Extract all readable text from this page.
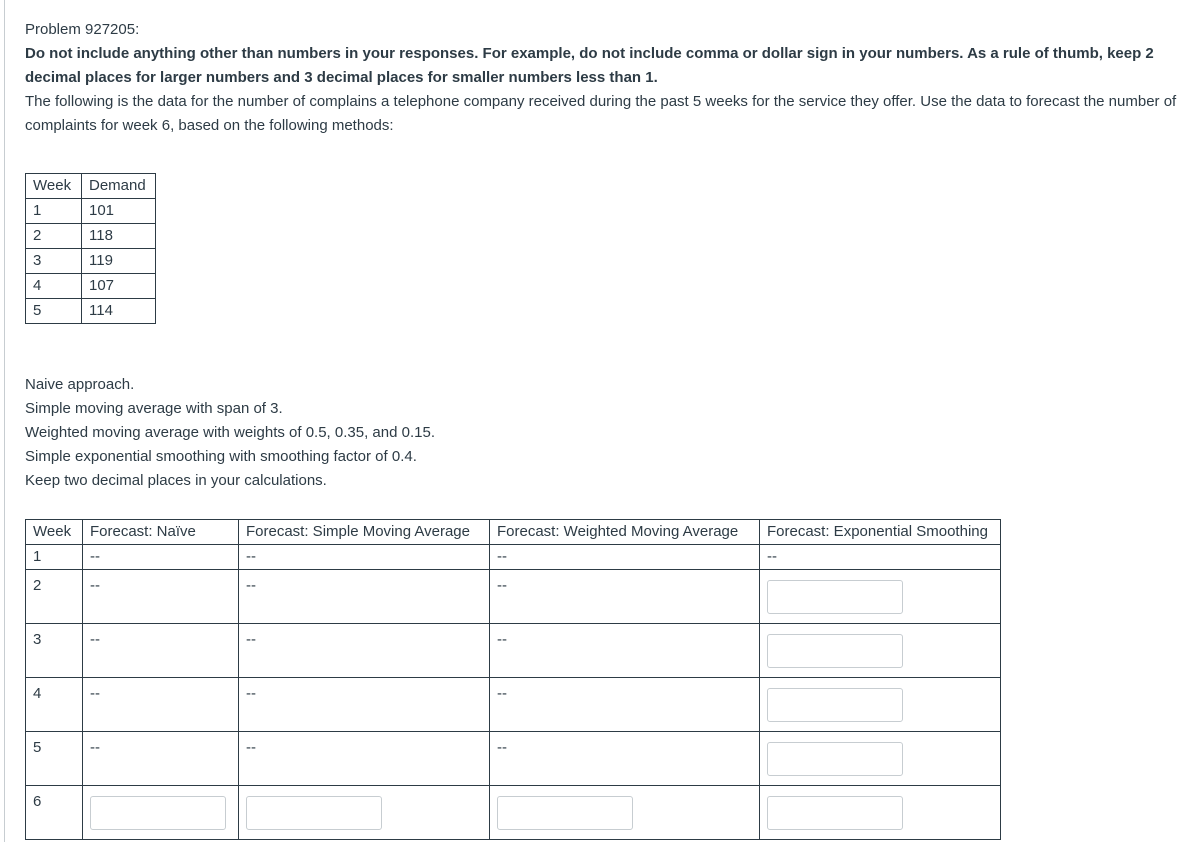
Problem 927205:

Do not include anything other than numbers in your responses. For example, do not include comma or dollar sign in your numbers. As a rule of thumb, keep 2 decimal places for larger numbers and 3 decimal places for smaller numbers less than 1.

The following is the data for the number of complains a telephone company received during the past 5 weeks for the service they offer. Use the data to forecast the number of complaints for week 6, based on the following methods:

Week	Demand
1	101
2	118
3	119
4	107
5	114

Naive approach.

Simple moving average with span of 3.

Weighted moving average with weights of 0.5, 0.35, and 0.15.

Simple exponential smoothing with smoothing factor of 0.4.

Keep two decimal places in your calculations.

Week	Forecast: Naïve	Forecast: Simple Moving Average	Forecast: Weighted Moving Average	Forecast: Exponential Smoothing
1	--	--	--	--
2	--	--	--	

3	--	--	--	

4	--	--	--	

5	--	--	--	

6	
